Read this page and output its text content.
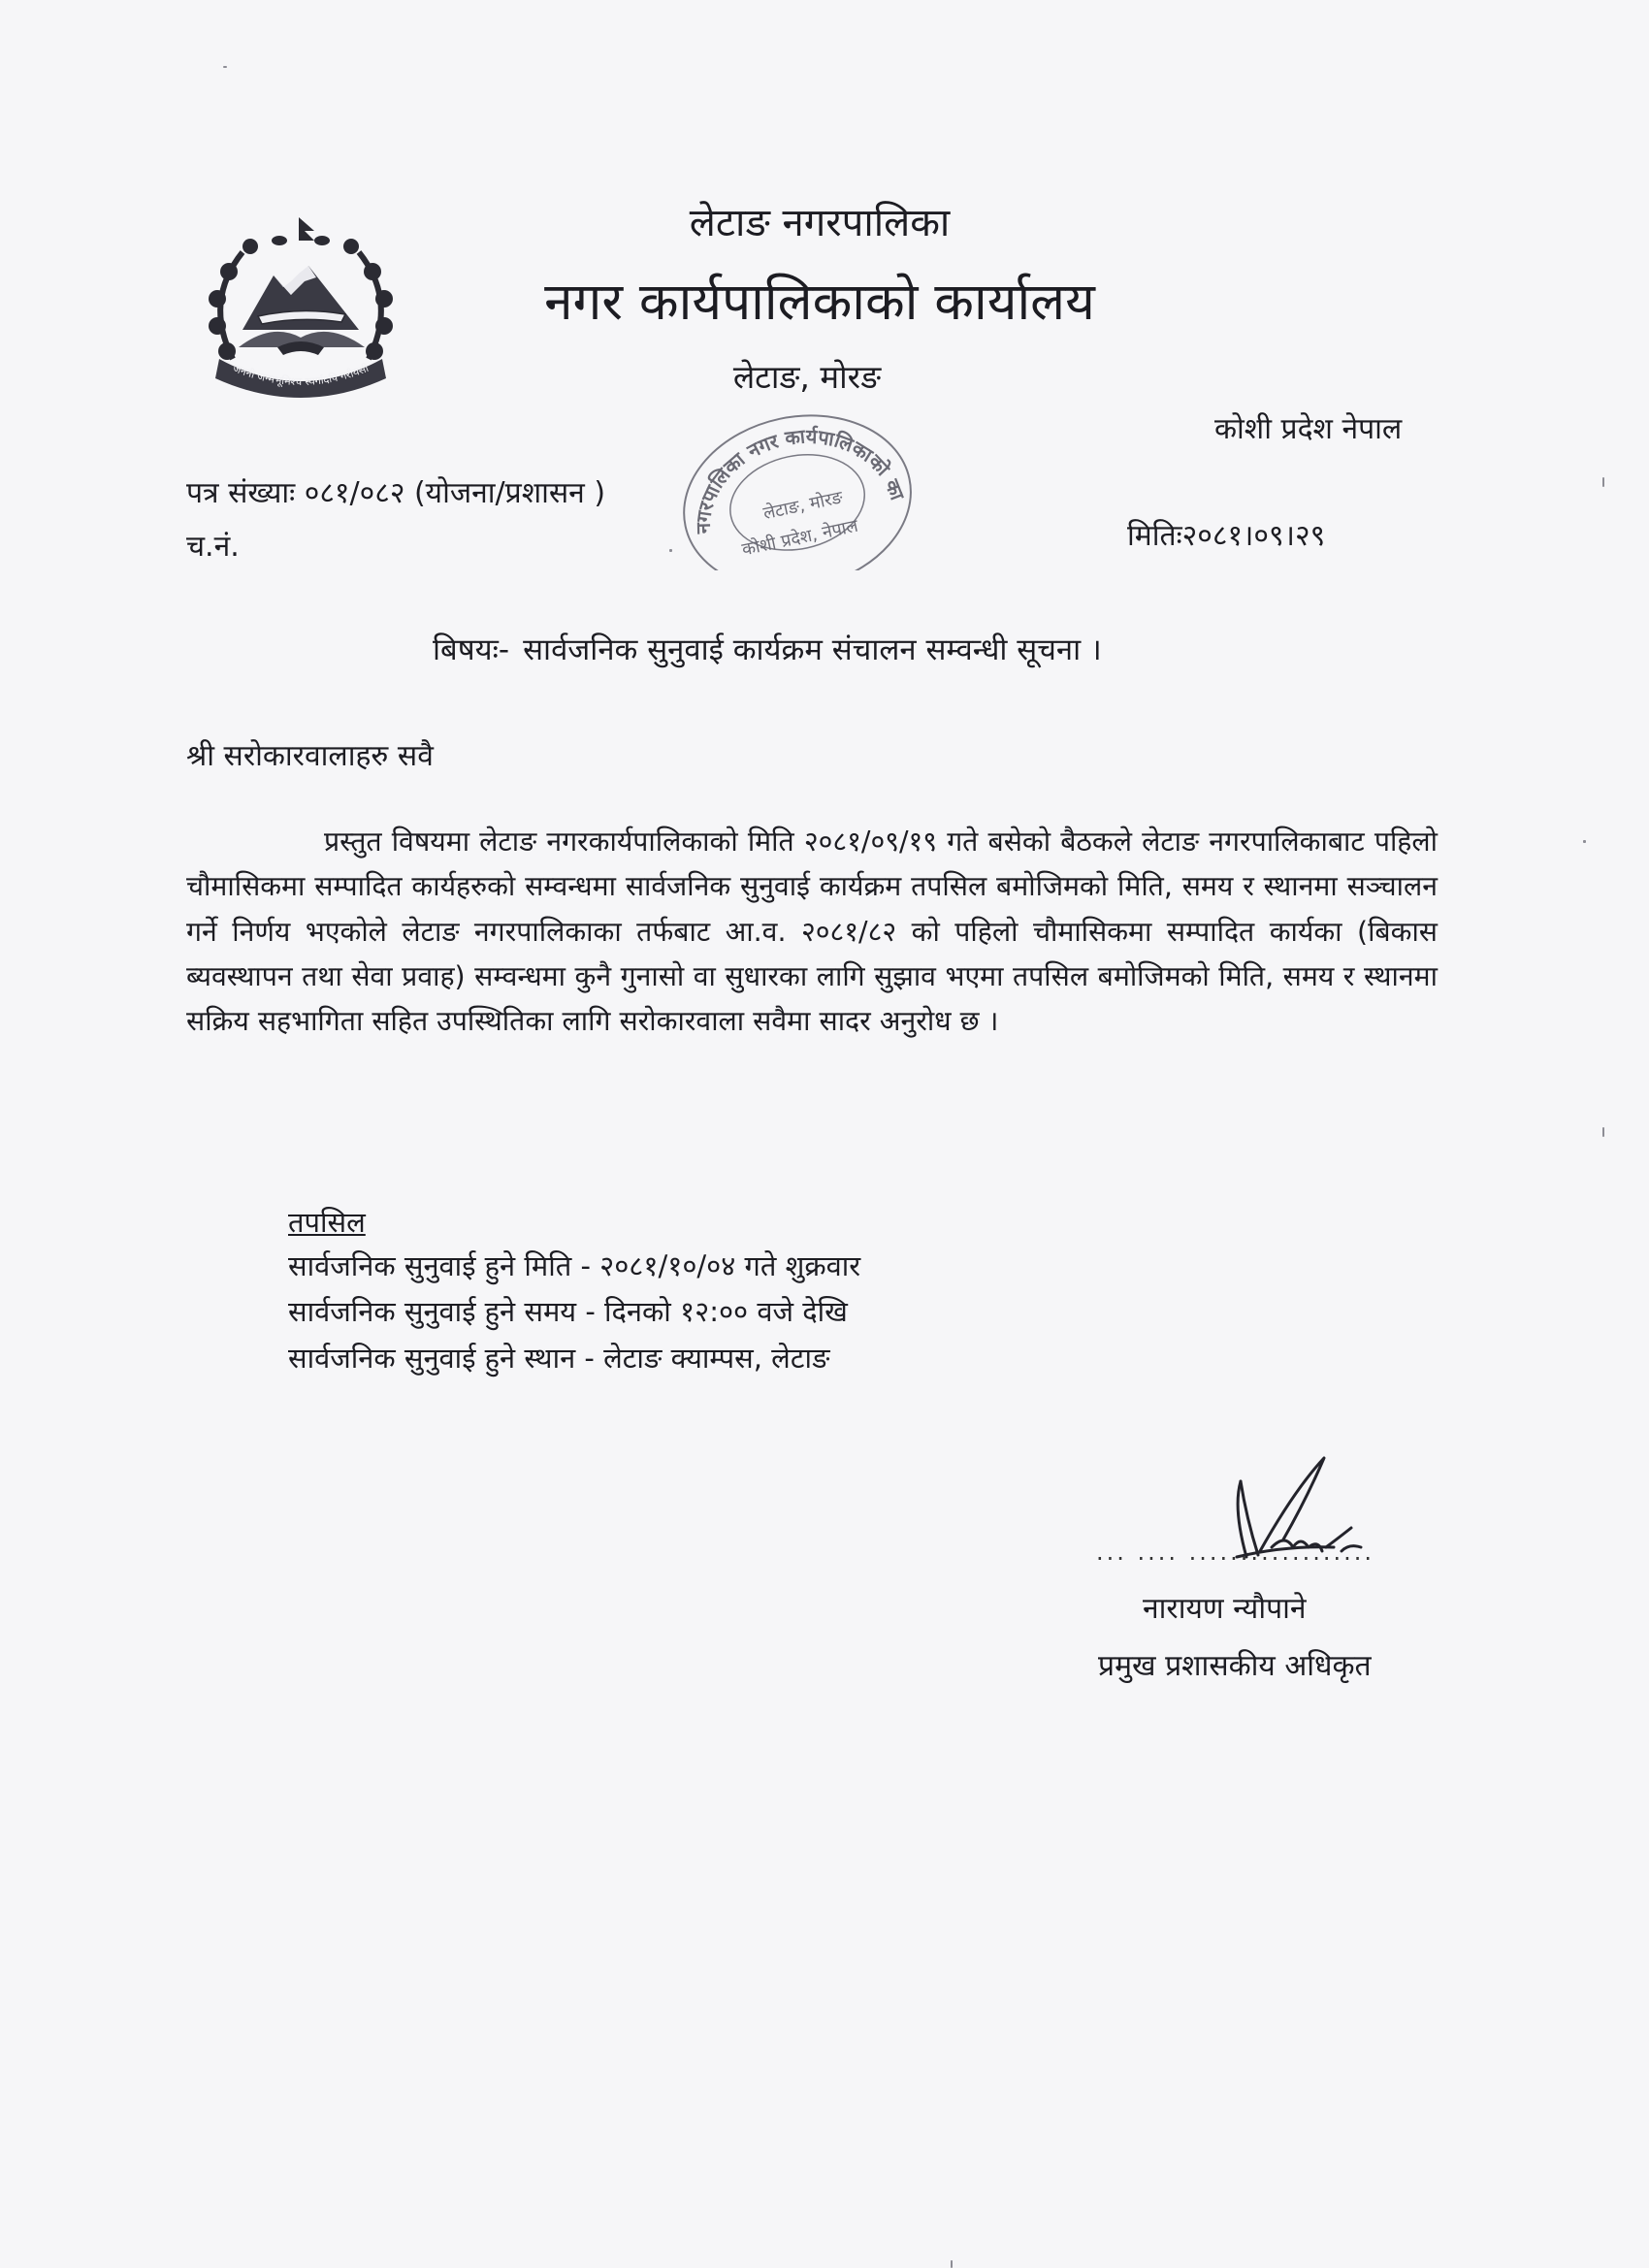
जननी जन्मभूमिश्च स्वर्गादपि गरीयसी
लेटाङ नगरपालिका
नगर कार्यपालिकाको कार्यालय
लेटाङ, मोरङ
कोशी प्रदेश नेपाल
नगरपालिका नगर कार्यपालिकाको कार्यालय
लेटाङ, मोरङ
कोशी प्रदेश, नेपाल
पत्र संख्याः ०८१/०८२ (योजना/प्रशासन )
च.नं.	मितिः२०८१।०९।२९
बिषयः- सार्वजनिक सुनुवाई कार्यक्रम संचालन सम्वन्धी सूचना ।
श्री सरोकारवालाहरु सवै
प्रस्तुत विषयमा लेटाङ नगरकार्यपालिकाको मिति २०८१/०९/१९ गते बसेको बैठकले लेटाङ नगरपालिकाबाट पहिलो चौमासिकमा सम्पादित कार्यहरुको सम्वन्धमा सार्वजनिक सुनुवाई कार्यक्रम तपसिल बमोजिमको मिति, समय र स्थानमा सञ्चालन गर्ने निर्णय भएकोले लेटाङ नगरपालिकाका तर्फबाट आ.व. २०८१/८२ को पहिलो चौमासिकमा सम्पादित कार्यका (बिकास ब्यवस्थापन तथा सेवा प्रवाह) सम्वन्धमा कुनै गुनासो वा सुधारका लागि सुझाव भएमा तपसिल बमोजिमको मिति, समय र स्थानमा सक्रिय सहभागिता सहित उपस्थितिका लागि सरोकारवाला सवैमा सादर अनुरोध छ ।
तपसिल
सार्वजनिक सुनुवाई हुने मिति - २०८१/१०/०४ गते शुक्रवार
सार्वजनिक सुनुवाई हुने समय - दिनको १२:०० वजे देखि
सार्वजनिक सुनुवाई हुने स्थान - लेटाङ क्याम्पस, लेटाङ
... .... ..................
नारायण न्यौपाने
प्रमुख प्रशासकीय अधिकृत
